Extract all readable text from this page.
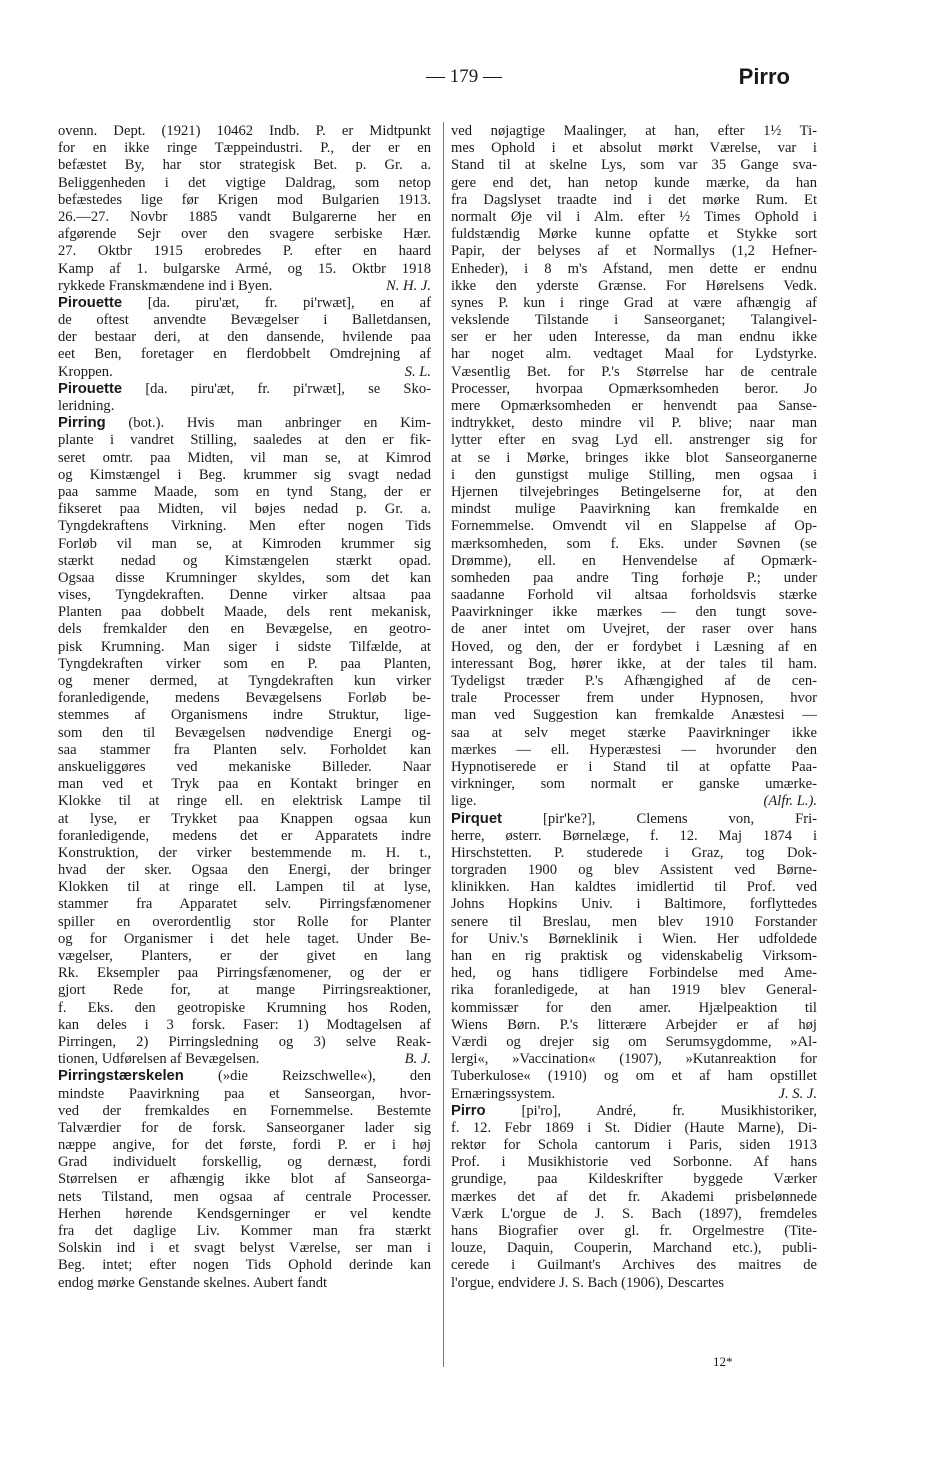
— 179 —	Pirro
ovenn. Dept. (1921) 10462 Indb. P. er Midtpunkt
for en ikke ringe Tæppeindustri. P., der er en
befæstet By, har stor strategisk Bet. p. Gr. a.
Beliggenheden i det vigtige Daldrag, som netop
befæstedes lige før Krigen mod Bulgarien 1913.
26.—27. Novbr 1885 vandt Bulgarerne her en
afgørende Sejr over den svagere serbiske Hær.
27. Oktbr 1915 erobredes P. efter en haard
Kamp af 1. bulgarske Armé, og 15. Oktbr 1918
rykkede Franskmændene ind i Byen.	N. H. J.
Pirouette [da. piru'æt, fr. pi'rwæt], en af
de oftest anvendte Bevægelser i Balletdansen,
der bestaar deri, at den dansende, hvilende paa
eet Ben, foretager en flerdobbelt Omdrejning af
Kroppen.	S. L.
Pirouette [da. piru'æt, fr. pi'rwæt], se Sko-
leridning.
Pirring (bot.). Hvis man anbringer en Kim-
plante i vandret Stilling, saaledes at den er fik-
seret omtr. paa Midten, vil man se, at Kimrod
og Kimstængel i Beg. krummer sig svagt nedad
paa samme Maade, som en tynd Stang, der er
fikseret paa Midten, vil bøjes nedad p. Gr. a.
Tyngdekraftens Virkning. Men efter nogen Tids
Forløb vil man se, at Kimroden krummer sig
stærkt nedad og Kimstængelen stærkt opad.
Ogsaa disse Krumninger skyldes, som det kan
vises, Tyngdekraften. Denne virker altsaa paa
Planten paa dobbelt Maade, dels rent mekanisk,
dels fremkalder den en Bevægelse, en geotro-
pisk Krumning. Man siger i sidste Tilfælde, at
Tyngdekraften virker som en P. paa Planten,
og mener dermed, at Tyngdekraften kun virker
foranledigende, medens Bevægelsens Forløb be-
stemmes af Organismens indre Struktur, lige-
som den til Bevægelsen nødvendige Energi og-
saa stammer fra Planten selv. Forholdet kan
anskueliggøres ved mekaniske Billeder. Naar
man ved et Tryk paa en Kontakt bringer en
Klokke til at ringe ell. en elektrisk Lampe til
at lyse, er Trykket paa Knappen ogsaa kun
foranledigende, medens det er Apparatets indre
Konstruktion, der virker bestemmende m. H. t.,
hvad der sker. Ogsaa den Energi, der bringer
Klokken til at ringe ell. Lampen til at lyse,
stammer fra Apparatet selv. Pirringsfænomener
spiller en overordentlig stor Rolle for Planter
og for Organismer i det hele taget. Under Be-
vægelser, Planters, er der givet en lang
Rk. Eksempler paa Pirringsfænomener, og der er
gjort Rede for, at mange Pirringsreaktioner,
f. Eks. den geotropiske Krumning hos Roden,
kan deles i 3 forsk. Faser: 1) Modtagelsen af
Pirringen, 2) Pirringsledning og 3) selve Reak-
tionen, Udførelsen af Bevægelsen.	B. J.
Pirringstærskelen (»die Reizschwelle«), den
mindste Paavirkning paa et Sanseorgan, hvor-
ved der fremkaldes en Fornemmelse. Bestemte
Talværdier for de forsk. Sanseorganer lader sig
næppe angive, for det første, fordi P. er i høj
Grad individuelt forskellig, og dernæst, fordi
Størrelsen er afhængig ikke blot af Sanseorga-
nets Tilstand, men ogsaa af centrale Processer.
Herhen hørende Kendsgerninger er vel kendte
fra det daglige Liv. Kommer man fra stærkt
Solskin ind i et svagt belyst Værelse, ser man i
Beg. intet; efter nogen Tids Ophold derinde kan
endog mørke Genstande skelnes. Aubert fandt
ved nøjagtige Maalinger, at han, efter 1½ Ti-
mes Ophold i et absolut mørkt Værelse, var i
Stand til at skelne Lys, som var 35 Gange sva-
gere end det, han netop kunde mærke, da han
fra Dagslyset traadte ind i det mørke Rum. Et
normalt Øje vil i Alm. efter ½ Times Ophold i
fuldstændig Mørke kunne opfatte et Stykke sort
Papir, der belyses af et Normallys (1,2 Hefner-
Enheder), i 8 m's Afstand, men dette er endnu
ikke den yderste Grænse. For Hørelsens Vedk.
synes P. kun i ringe Grad at være afhængig af
vekslende Tilstande i Sanseorganet; Talangivel-
ser er her uden Interesse, da man endnu ikke
har noget alm. vedtaget Maal for Lydstyrke.
Væsentlig Bet. for P.'s Størrelse har de centrale
Processer, hvorpaa Opmærksomheden beror. Jo
mere Opmærksomheden er henvendt paa Sanse-
indtrykket, desto mindre vil P. blive; naar man
lytter efter en svag Lyd ell. anstrenger sig for
at se i Mørke, bringes ikke blot Sanseorganerne
i den gunstigst mulige Stilling, men ogsaa i
Hjernen tilvejebringes Betingelserne for, at den
mindst mulige Paavirkning kan fremkalde en
Fornemmelse. Omvendt vil en Slappelse af Op-
mærksomheden, som f. Eks. under Søvnen (se
Drømme), ell. en Henvendelse af Opmærk-
somheden paa andre Ting forhøje P.; under
saadanne Forhold vil altsaa forholdsvis stærke
Paavirkninger ikke mærkes — den tungt sove-
de aner intet om Uvejret, der raser over hans
Hoved, og den, der er fordybet i Læsning af en
interessant Bog, hører ikke, at der tales til ham.
Tydeligst træder P.'s Afhængighed af de cen-
trale Processer frem under Hypnosen, hvor
man ved Suggestion kan fremkalde Anæstesi —
saa at selv meget stærke Paavirkninger ikke
mærkes — ell. Hyperæstesi — hvorunder den
Hypnotiserede er i Stand til at opfatte Paa-
virkninger, som normalt er ganske umærke-
lige.	(Alfr. L.).
Pirquet [pir'ke?], Clemens von, Fri-
herre, østerr. Børnelæge, f. 12. Maj 1874 i
Hirschstetten. P. studerede i Graz, tog Dok-
torgraden 1900 og blev Assistent ved Børne-
klinikken. Han kaldtes imidlertid til Prof. ved
Johns Hopkins Univ. i Baltimore, forflyttedes
senere til Breslau, men blev 1910 Forstander
for Univ.'s Børneklinik i Wien. Her udfoldede
han en rig praktisk og videnskabelig Virksom-
hed, og hans tidligere Forbindelse med Ame-
rika foranledigede, at han 1919 blev General-
kommissær for den amer. Hjælpeaktion til
Wiens Børn. P.'s litterære Arbejder er af høj
Værdi og drejer sig om Serumsygdomme, »Al-
lergi«, »Vaccination« (1907), »Kutanreaktion for
Tuberkulose« (1910) og om et af ham opstillet
Ernæringssystem.	J. S. J.
Pirro [pi'ro], André, fr. Musikhistoriker,
f. 12. Febr 1869 i St. Didier (Haute Marne), Di-
rektør for Schola cantorum i Paris, siden 1913
Prof. i Musikhistorie ved Sorbonne. Af hans
grundige, paa Kildeskrifter byggede Værker
mærkes det af det fr. Akademi prisbelønnede
Værk L'orgue de J. S. Bach (1897), fremdeles
hans Biografier over gl. fr. Orgelmestre (Tite-
louze, Daquin, Couperin, Marchand etc.), publi-
cerede i Guilmant's Archives des maitres de
l'orgue, endvidere J. S. Bach (1906), Descartes
12*
